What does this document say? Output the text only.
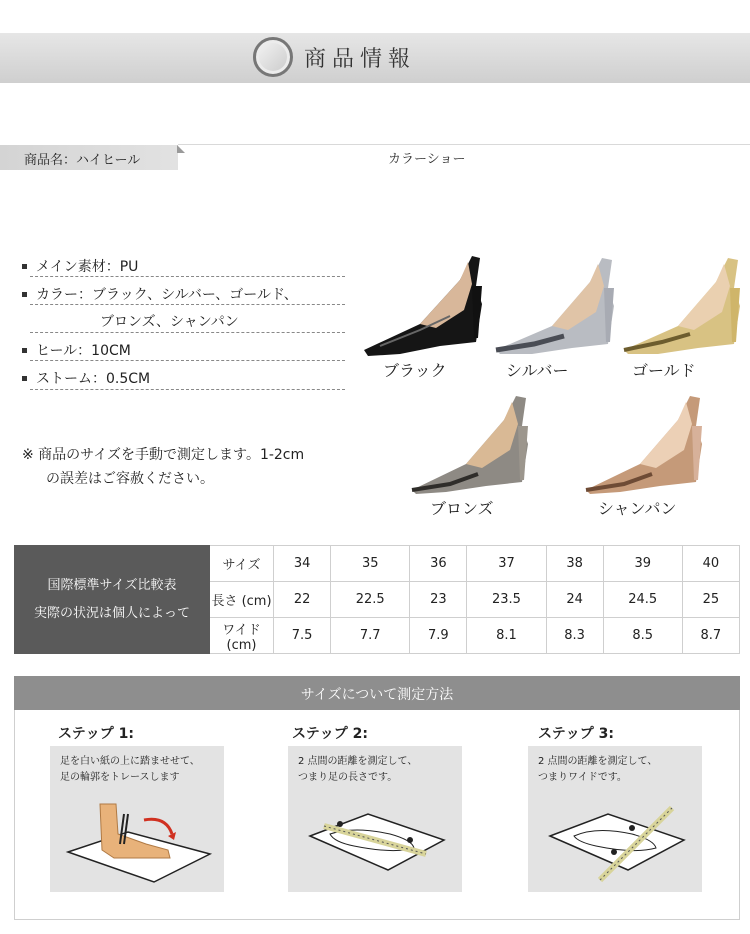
商品情報
商品名：ハイヒール	カラーショー
メイン素材：PU
カラー：ブラック、シルバー、ゴールド、
ブロンズ、シャンパン
ヒール：10CM
ストーム：0.5CM
※ 商品のサイズを手動で測定します。1-2cm
の誤差はご容赦ください。
ブラック	シルバー	ゴールド
ブロンズ	シャンパン
国際標準サイズ比較表
実際の状況は個人によって	サイズ	34	35	36	37	38	39	40
	長さ (cm)	22	22.5	23	23.5	24	24.5	25
	ワイド(cm)	7.5	7.7	7.9	8.1	8.3	8.5	8.7
サイズについて測定方法
ステップ 1:
足を白い紙の上に踏ませせて、
足の輪郭をトレースします
ステップ 2:
2 点間の距離を測定して、
つまり足の長さです。
ステップ 3:
2 点間の距離を測定して、
つまりワイドです。
